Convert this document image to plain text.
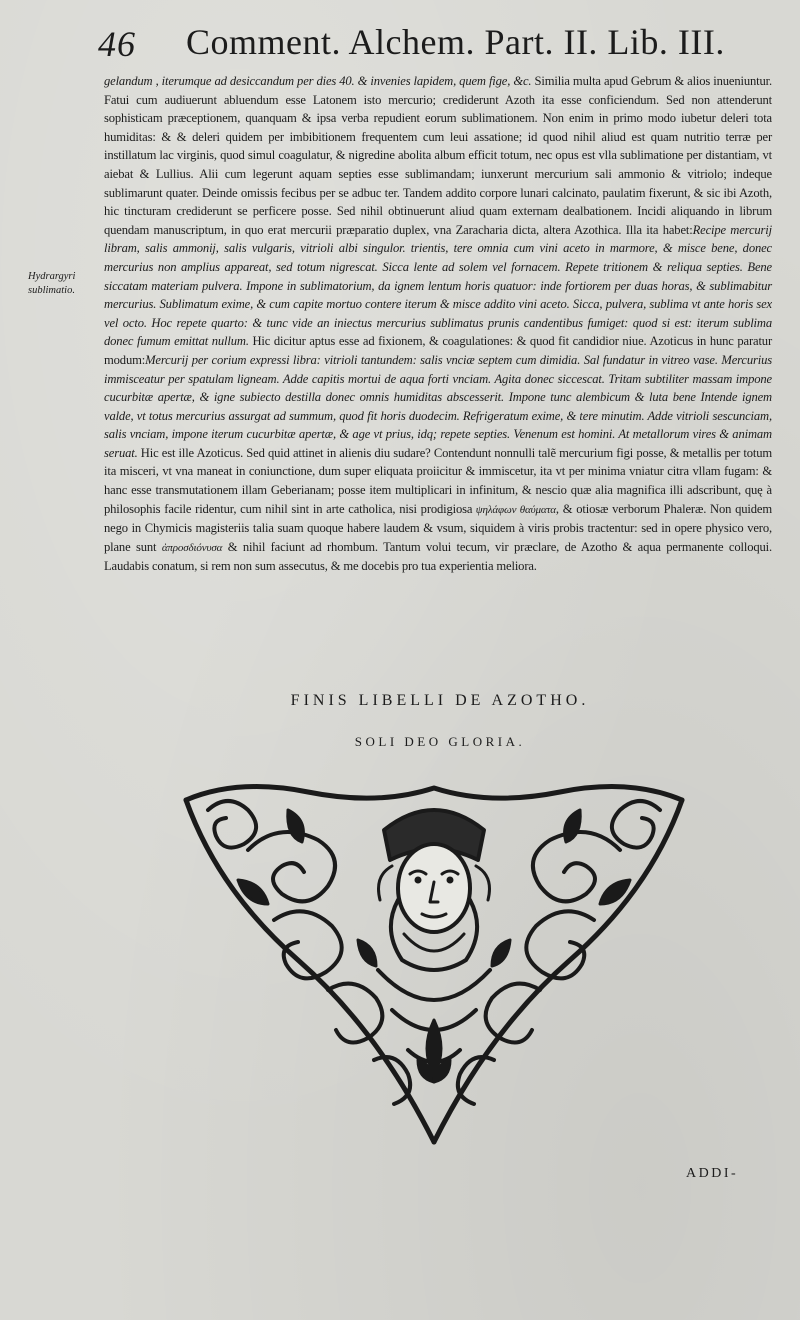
46 Comment. Alchem. Part. II. Lib. III.
Hydrargyri sublimatio.

gelandum , iterumque ad desiccandum per dies 40. & invenies lapidem, quem fige, &c. Similia multa apud Gebrum & alios inueniuntur. Fatui cum audiuerunt abluendum esse Latonem isto mercurio; crediderunt Azoth ita esse conficiendum. Sed non attenderunt sophisticam præceptionem, quanquam & ipsa verba repudient eorum sublimationem. Non enim in primo modo iubetur deleri tota humiditas: & & deleri quidem per imbibitionem frequentem cum leui assatione; id quod nihil aliud est quam nutritio terræ per instillatum lac virginis, quod simul coagulatur, & nigredine abolita album efficit totum, nec opus est vlla sublimatione per distantiam, vt aiebat & Lullius. Alii cum legerunt aquam septies esse sublimandam; iunxerunt mercurium sali ammonio & vitriolo; indeque sublimarunt quater. Deinde omissis fecibus per se adbuc ter. Tandem addito corpore lunari calcinato, paulatim fixerunt, & sic ibi Azoth, hic tincturam crediderunt se perficere posse. Sed nihil obtinuerunt aliud quam externam dealbationem. Incidi aliquando in librum quendam manuscriptum, in quo erat mercurii præparatio duplex, vna Zaracharia dicta, altera Azothica. Illa ita habet:Recipe mercurij libram, salis ammonij, salis vulgaris, vitrioli albi singulor. trientis, tere omnia cum vini aceto in marmore, & misce bene, donec mercurius non amplius appareat, sed totum nigrescat. Sicca lente ad solem vel fornacem. Repete tritionem & reliqua septies. Bene siccatam materiam pulvera. Impone in sublimatorium, da ignem lentum horis quatuor: inde fortiorem per duas horas, & sublimabitur mercurius. Sublimatum exime, & cum capite mortuo contere iterum & misce addito vini aceto. Sicca, pulvera, sublima vt ante horis sex vel octo. Hoc repete quarto: & tunc vide an iniectus mercurius sublimatus prunis candentibus fumiget: quod si est: iterum sublima donec fumum emittat nullum. Hic dicitur aptus esse ad fixionem, & coagulationes: & quod fit candidior niue. Azoticus in hunc paratur modum:Mercurij per corium expressi libra: vitrioli tantundem: salis vnciæ septem cum dimidia. Sal fundatur in vitreo vase. Mercurius immisceatur per spatulam ligneam. Adde capitis mortui de aqua forti vnciam. Agita donec siccescat. Tritam subtiliter massam impone cucurbitæ apertæ, & igne subiecto destilla donec omnis humiditas abscesserit. Impone tunc alembicum & luta bene Intende ignem valde, vt totus mercurius assurgat ad summum, quod fit horis duodecim. Refrigeratum exime, & tere minutim. Adde vitrioli sescunciam, salis vnciam, impone iterum cucurbitæ apertæ, & age vt prius, idq; repete septies. Venenum est homini. At metallorum vires & animam seruat. Hic est ille Azoticus. Sed quid attinet in alienis diu sudare? Contendunt nonnulli talẽ mercurium figi posse, & metallis per totum ita misceri, vt vna maneat in coniunctione, dum super eliquata proiicitur & immiscetur, ita vt per minima vniatur citra vllam fugam: & hanc esse transmutationem illam Geberianam; posse item multiplicari in infinitum, & nescio quæ alia magnifica illi adscribunt, quę à philosophis facile ridentur, cum nihil sint in arte catholica, nisi prodigiosa ψηλάφων θαύματα, & otiosæ verborum Phaleræ. Non quidem nego in Chymicis magisteriis talia suam quoque habere laudem & vsum, siquidem à viris probis tractentur: sed in opere physico vero, plane sunt ἀπροσδιόνυσα & nihil faciunt ad rhombum. Tantum volui tecum, vir præclare, de Azotho & aqua permanente colloqui. Laudabis conatum, si rem non sum assecutus, & me docebis pro tua experientia meliora.

FINIS LIBELLI DE AZOTHO.
SOLI DEO GLORIA.
ADDI-
